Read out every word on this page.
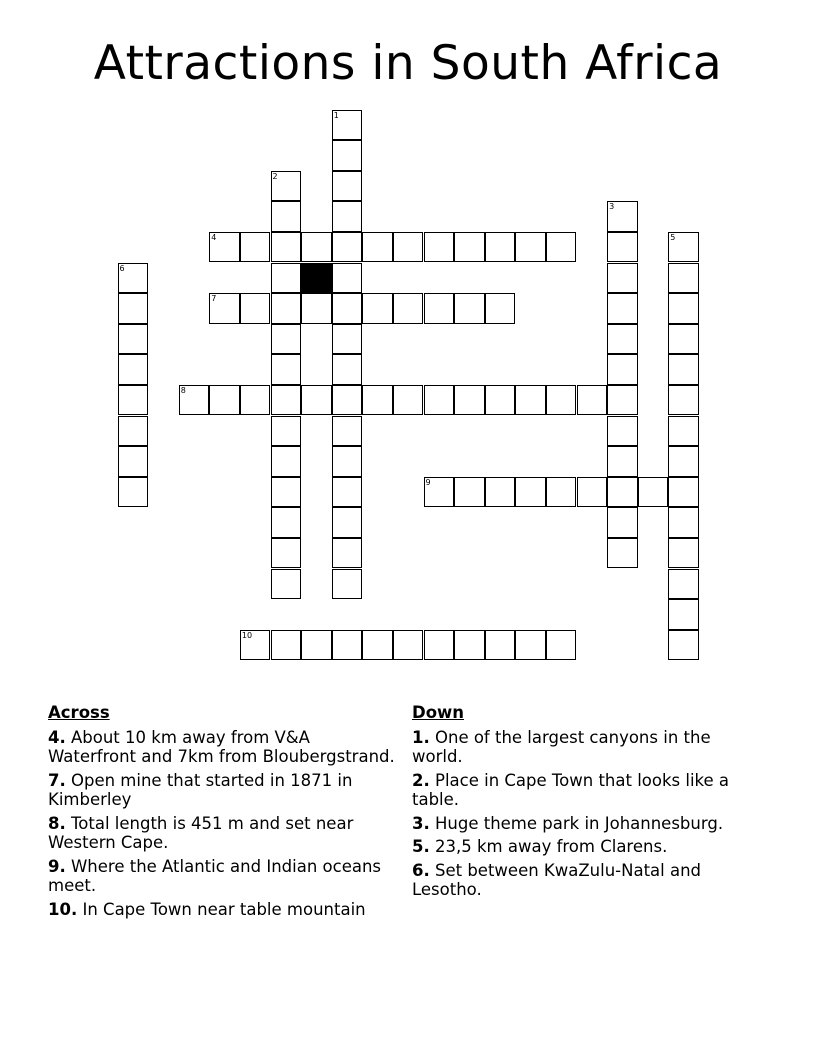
Attractions in South Africa
1
2
3
4	5
6
7
8
9
10
Across
4. About 10 km away from V&A Waterfront and 7km from Bloubergstrand.
7. Open mine that started in 1871 in Kimberley
8. Total length is 451 m and set near Western Cape.
9. Where the Atlantic and Indian oceans meet.
10. In Cape Town near table mountain
Down
1. One of the largest canyons in the world.
2. Place in Cape Town that looks like a table.
3. Huge theme park in Johannesburg.
5. 23,5 km away from Clarens.
6. Set between KwaZulu-Natal and Lesotho.
